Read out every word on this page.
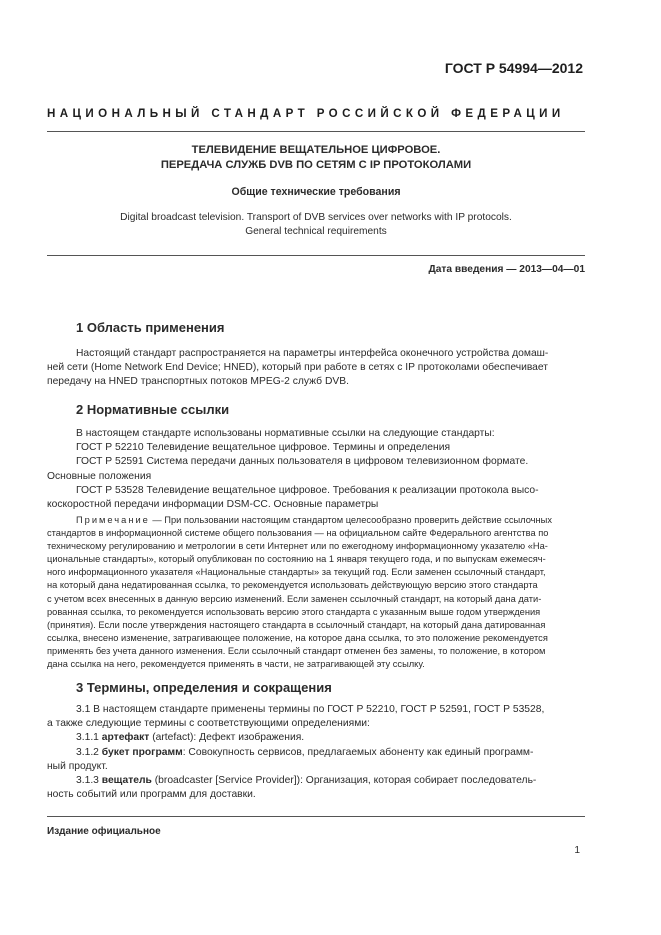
ГОСТ Р 54994—2012
НАЦИОНАЛЬНЫЙ СТАНДАРТ РОССИЙСКОЙ ФЕДЕРАЦИИ
ТЕЛЕВИДЕНИЕ ВЕЩАТЕЛЬНОЕ ЦИФРОВОЕ.
ПЕРЕДАЧА СЛУЖБ DVB ПО СЕТЯМ С IP ПРОТОКОЛАМИ
Общие технические требования
Digital broadcast television. Transport of DVB services over networks with IP protocols.
General technical requirements
Дата введения — 2013—04—01
1 Область применения
Настоящий стандарт распространяется на параметры интерфейса оконечного устройства домаш-
ней сети (Home Network End Device; HNED), который при работе в сетях с IP протоколами обеспечивает
передачу на HNED транспортных потоков MPEG-2 служб DVB.
2 Нормативные ссылки
В настоящем стандарте использованы нормативные ссылки на следующие стандарты:
ГОСТ Р 52210 Телевидение вещательное цифровое. Термины и определения
ГОСТ Р 52591 Система передачи данных пользователя в цифровом телевизионном формате.
Основные положения
ГОСТ Р 53528 Телевидение вещательное цифровое. Требования к реализации протокола высо-
коскоростной передачи информации DSM-CC. Основные параметры
Примечание — При пользовании настоящим стандартом целесообразно проверить действие ссылочных
стандартов в информационной системе общего пользования — на официальном сайте Федерального агентства по
техническому регулированию и метрологии в сети Интернет или по ежегодному информационному указателю «На-
циональные стандарты», который опубликован по состоянию на 1 января текущего года, и по выпускам ежемесяч-
ного информационного указателя «Национальные стандарты» за текущий год. Если заменен ссылочный стандарт,
на который дана недатированная ссылка, то рекомендуется использовать действующую версию этого стандарта
с учетом всех внесенных в данную версию изменений. Если заменен ссылочный стандарт, на который дана дати-
рованная ссылка, то рекомендуется использовать версию этого стандарта с указанным выше годом утверждения
(принятия). Если после утверждения настоящего стандарта в ссылочный стандарт, на который дана датированная
ссылка, внесено изменение, затрагивающее положение, на которое дана ссылка, то это положение рекомендуется
применять без учета данного изменения. Если ссылочный стандарт отменен без замены, то положение, в котором
дана ссылка на него, рекомендуется применять в части, не затрагивающей эту ссылку.
3 Термины, определения и сокращения
3.1 В настоящем стандарте применены термины по ГОСТ Р 52210, ГОСТ Р 52591, ГОСТ Р 53528,
а также следующие термины с соответствующими определениями:
3.1.1 артефакт (artefact): Дефект изображения.
3.1.2 букет программ: Совокупность сервисов, предлагаемых абоненту как единый программ-
ный продукт.
3.1.3 вещатель (broadcaster [Service Provider]): Организация, которая собирает последователь-
ность событий или программ для доставки.
Издание официальное
1
